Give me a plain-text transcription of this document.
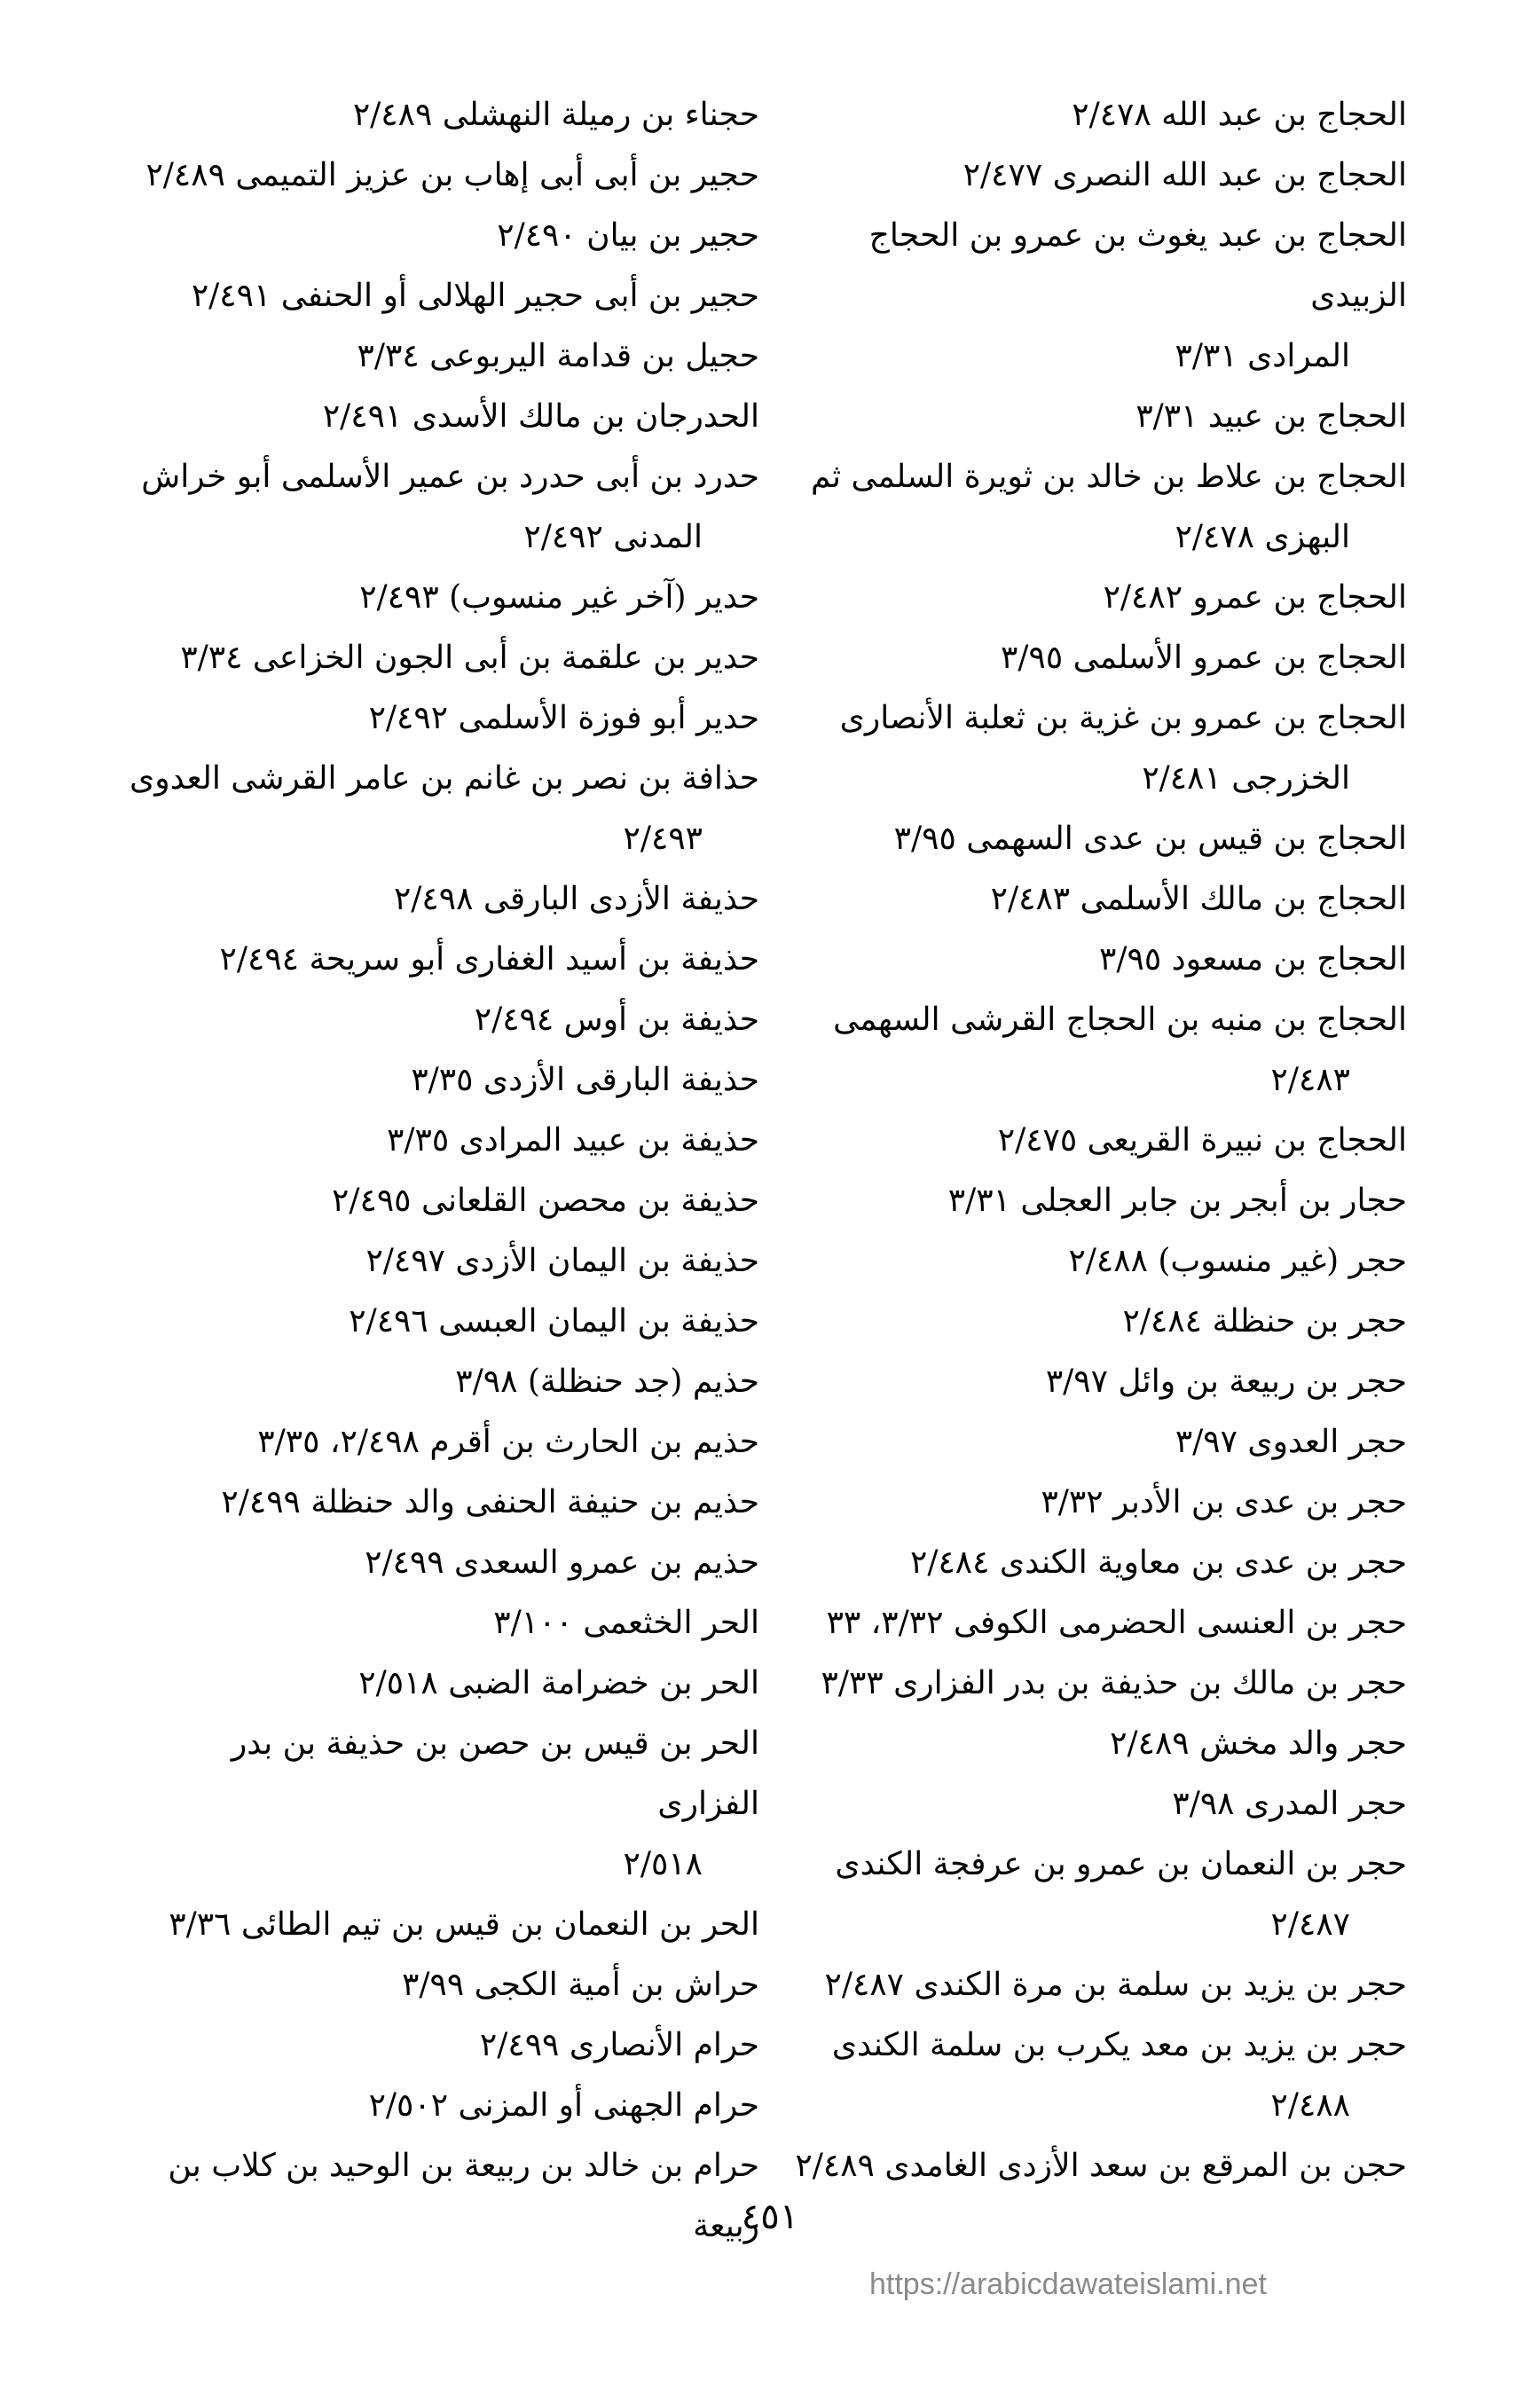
الحجاج بن عبد الله ٢/٤٧٨

الحجاج بن عبد الله النصرى ٢/٤٧٧

الحجاج بن عبد يغوث بن عمرو بن الحجاج الزبيدى
المرادى ٣/٣١

الحجاج بن عبيد ٣/٣١

الحجاج بن علاط بن خالد بن ثويرة السلمى ثم
البهزى ٢/٤٧٨

الحجاج بن عمرو ٢/٤٨٢

الحجاج بن عمرو الأسلمى ٣/٩٥

الحجاج بن عمرو بن غزية بن ثعلبة الأنصارى
الخزرجى ٢/٤٨١

الحجاج بن قيس بن عدى السهمى ٣/٩٥

الحجاج بن مالك الأسلمى ٢/٤٨٣

الحجاج بن مسعود ٣/٩٥

الحجاج بن منبه بن الحجاج القرشى السهمى
٢/٤٨٣

الحجاج بن نبيرة القريعى ٢/٤٧٥

حجار بن أبجر بن جابر العجلى ٣/٣١

حجر (غير منسوب) ٢/٤٨٨

حجر بن حنظلة ٢/٤٨٤

حجر بن ربيعة بن وائل ٣/٩٧

حجر العدوى ٣/٩٧

حجر بن عدى بن الأدبر ٣/٣٢

حجر بن عدى بن معاوية الكندى ٢/٤٨٤

حجر بن العنسى الحضرمى الكوفى ٣/٣٢، ٣٣

حجر بن مالك بن حذيفة بن بدر الفزارى ٣/٣٣

حجر والد مخش ٢/٤٨٩

حجر المدرى ٣/٩٨

حجر بن النعمان بن عمرو بن عرفجة الكندى
٢/٤٨٧

حجر بن يزيد بن سلمة بن مرة الكندى ٢/٤٨٧

حجر بن يزيد بن معد يكرب بن سلمة الكندى
٢/٤٨٨

حجن بن المرقع بن سعد الأزدى الغامدى ٢/٤٨٩

حجناء بن رميلة النهشلى ٢/٤٨٩

حجير بن أبى أبى إهاب بن عزيز التميمى ٢/٤٨٩

حجير بن بيان ٢/٤٩٠

حجير بن أبى حجير الهلالى أو الحنفى ٢/٤٩١

حجيل بن قدامة اليربوعى ٣/٣٤

الحدرجان بن مالك الأسدى ٢/٤٩١

حدرد بن أبى حدرد بن عمير الأسلمى أبو خراش
المدنى ٢/٤٩٢

حدير (آخر غير منسوب) ٢/٤٩٣

حدير بن علقمة بن أبى الجون الخزاعى ٣/٣٤

حدير أبو فوزة الأسلمى ٢/٤٩٢

حذافة بن نصر بن غانم بن عامر القرشى العدوى
٢/٤٩٣

حذيفة الأزدى البارقى ٢/٤٩٨

حذيفة بن أسيد الغفارى أبو سريحة ٢/٤٩٤

حذيفة بن أوس ٢/٤٩٤

حذيفة البارقى الأزدى ٣/٣٥

حذيفة بن عبيد المرادى ٣/٣٥

حذيفة بن محصن القلعانى ٢/٤٩٥

حذيفة بن اليمان الأزدى ٢/٤٩٧

حذيفة بن اليمان العبسى ٢/٤٩٦

حذيم (جد حنظلة) ٣/٩٨

حذيم بن الحارث بن أقرم ٢/٤٩٨، ٣/٣٥

حذيم بن حنيفة الحنفى والد حنظلة ٢/٤٩٩

حذيم بن عمرو السعدى ٢/٤٩٩

الحر الخثعمى ٣/١٠٠

الحر بن خضرامة الضبى ٢/٥١٨

الحر بن قيس بن حصن بن حذيفة بن بدر الفزارى
٢/٥١٨

الحر بن النعمان بن قيس بن تيم الطائى ٣/٣٦

حراش بن أمية الكجى ٣/٩٩

حرام الأنصارى ٢/٤٩٩

حرام الجهنى أو المزنى ٢/٥٠٢

حرام بن خالد بن ربيعة بن الوحيد بن كلاب بن ربيعة

٤٥١
https://arabicdawateislami.net
